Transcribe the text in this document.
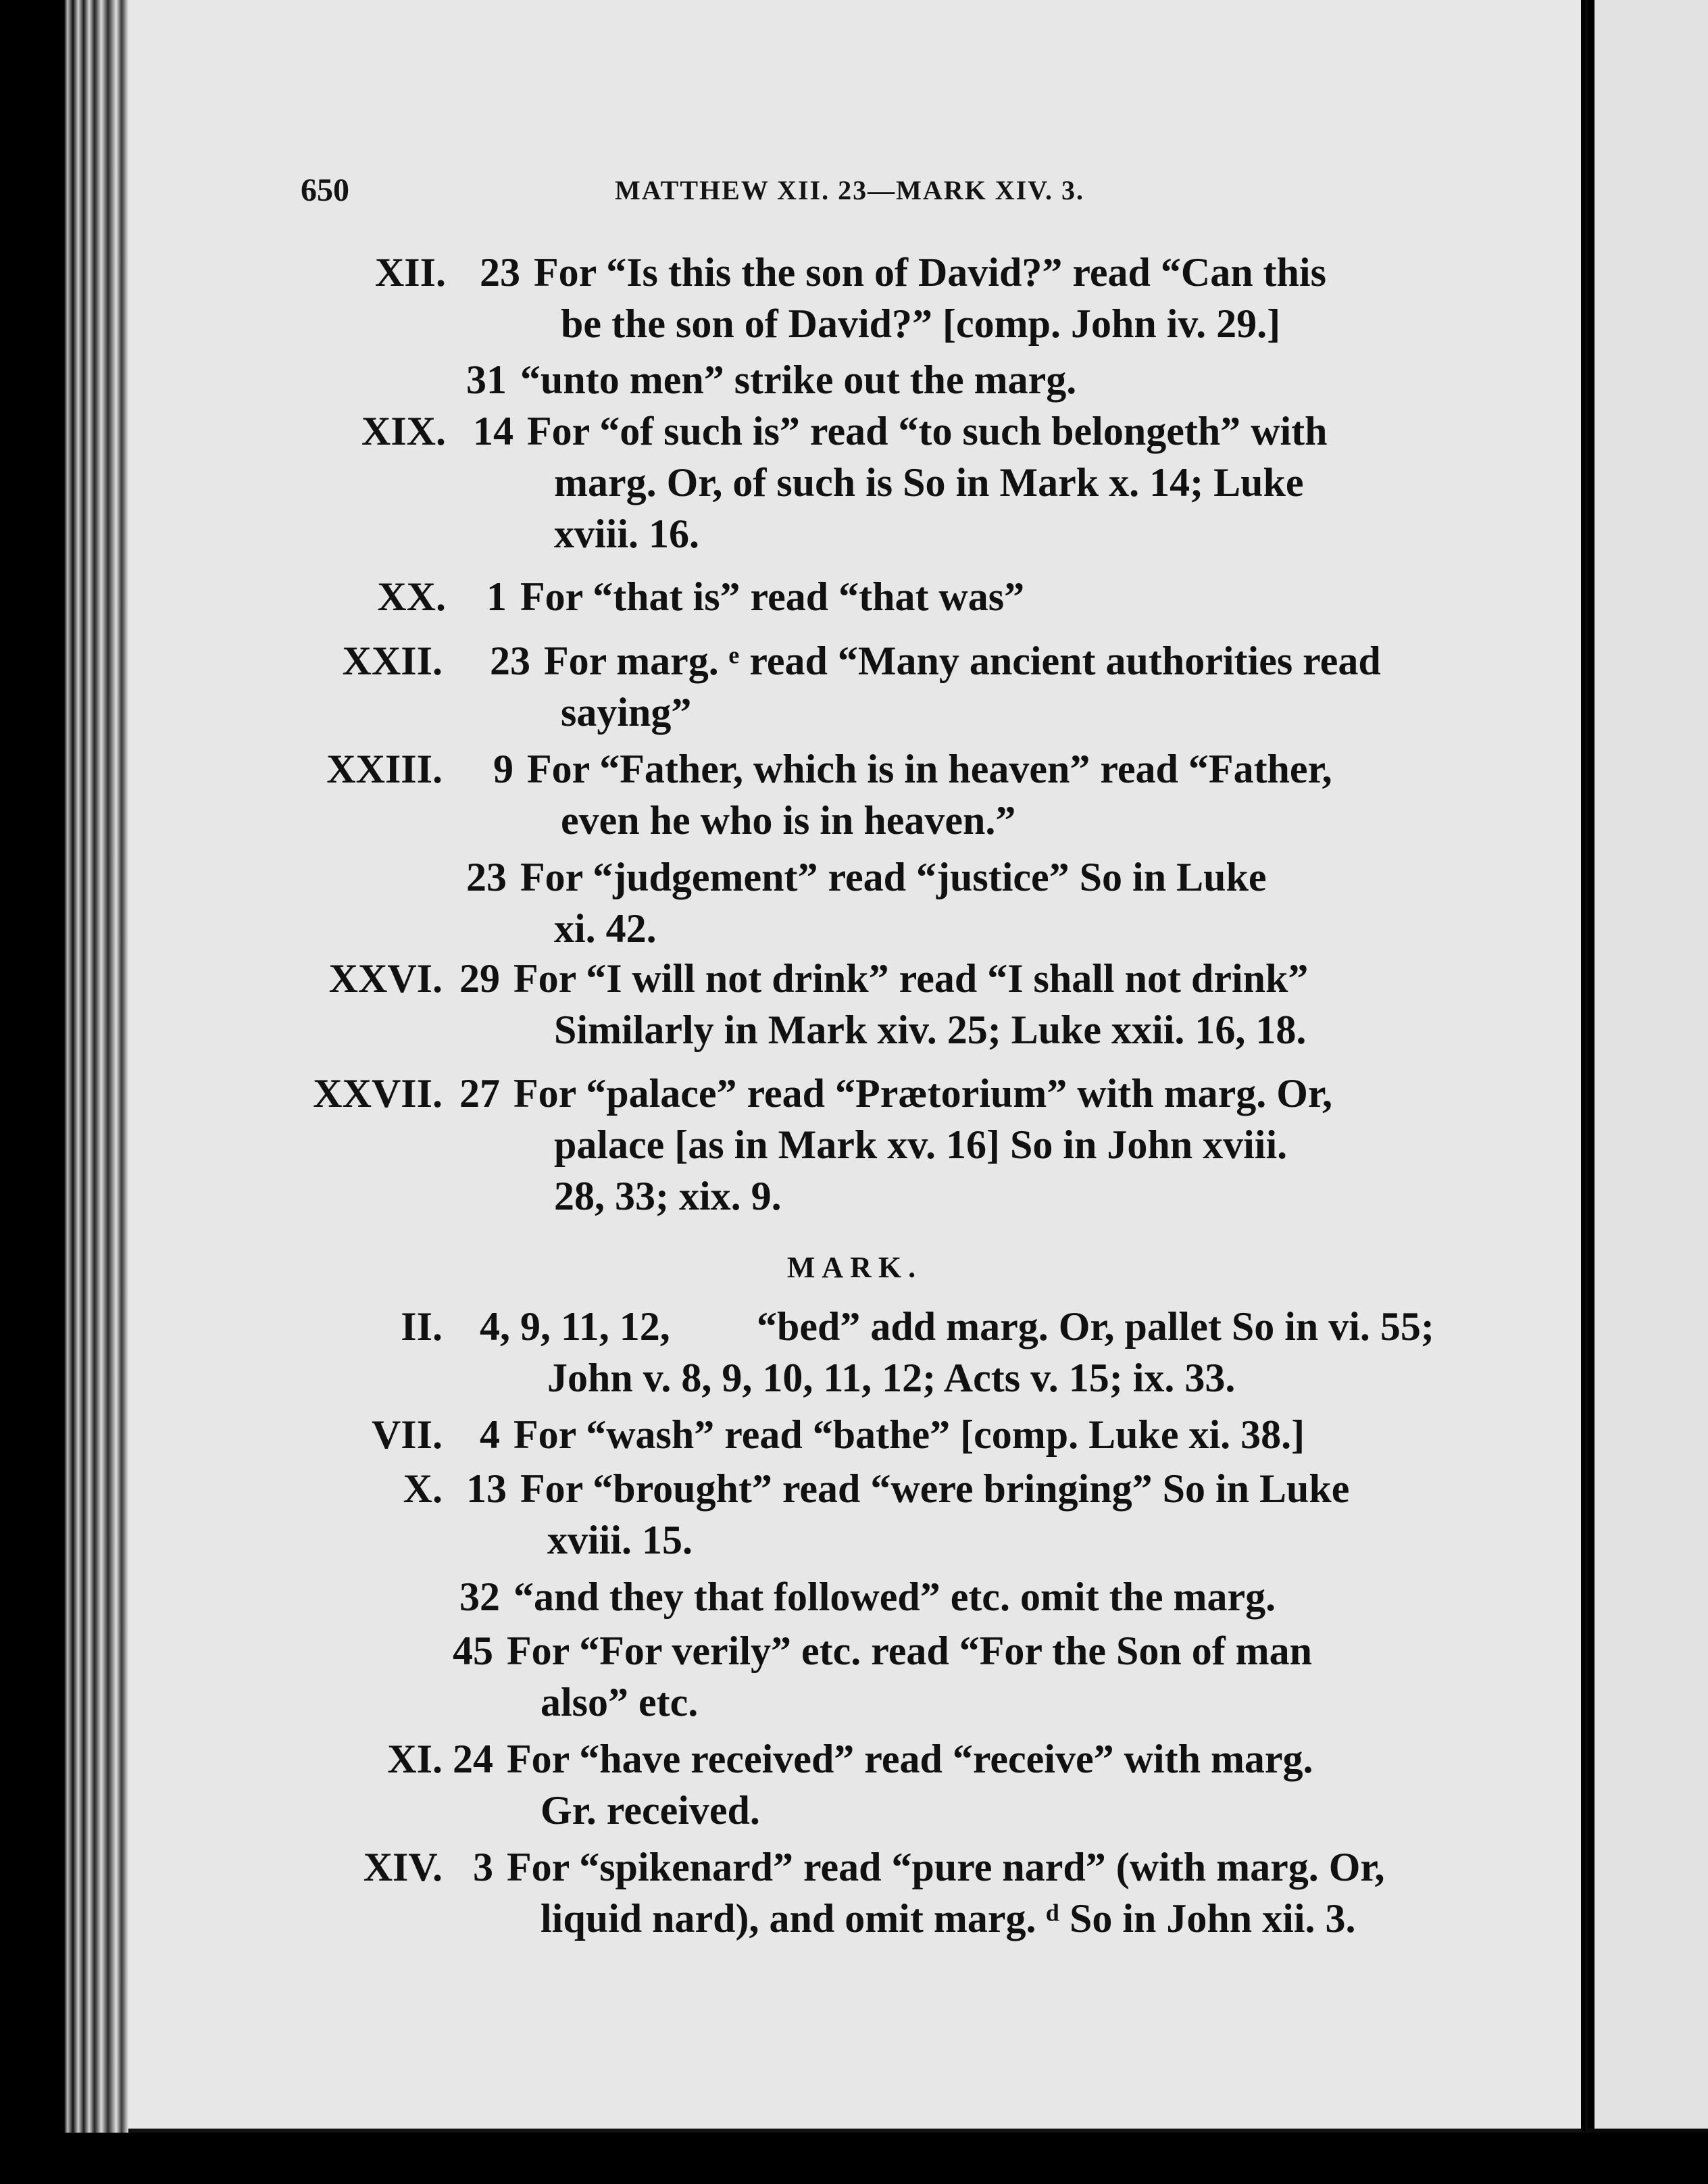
650	MATTHEW XII. 23—MARK XIV. 3.
XII. 23 For “Is this the son of David?” read “Can this
be the son of David?” [comp. John iv. 29.]
31 “unto men” strike out the marg.
XIX. 14 For “of such is” read “to such belongeth” with
marg. Or, of such is So in Mark x. 14; Luke
xviii. 16.
XX. 1 For “that is” read “that was”
XXII. 23 For marg. ᵉ read “Many ancient authorities read
saying”
XXIII. 9 For “Father, which is in heaven” read “Father,
even he who is in heaven.”
23 For “judgement” read “justice” So in Luke
xi. 42.
XXVI. 29 For “I will not drink” read “I shall not drink”
Similarly in Mark xiv. 25; Luke xxii. 16, 18.
XXVII. 27 For “palace” read “Prætorium” with marg. Or,
palace [as in Mark xv. 16] So in John xviii.
28, 33; xix. 9.
II. 4, 9, 11, 12, “bed” add marg. Or, pallet So in vi. 55;
John v. 8, 9, 10, 11, 12; Acts v. 15; ix. 33.
VII. 4 For “wash” read “bathe” [comp. Luke xi. 38.]
X. 13 For “brought” read “were bringing” So in Luke
xviii. 15.
32 “and they that followed” etc. omit the marg.
45 For “For verily” etc. read “For the Son of man
also” etc.
XI. 24 For “have received” read “receive” with marg.
Gr. received.
XIV. 3 For “spikenard” read “pure nard” (with marg. Or,
liquid nard), and omit marg. ᵈ So in John xii. 3.
MARK.
